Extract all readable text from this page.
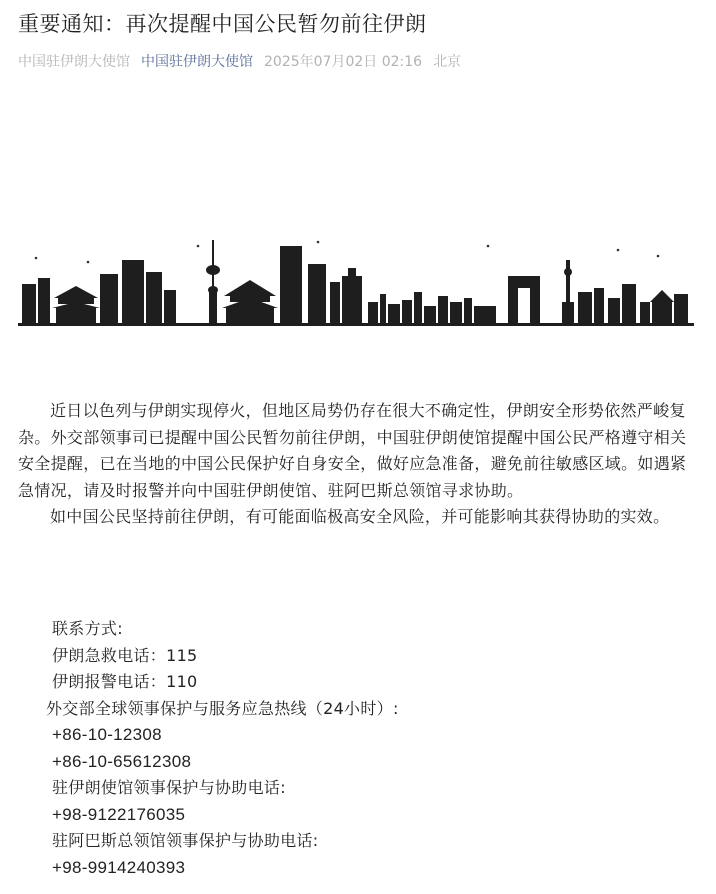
重要通知：再次提醒中国公民暂勿前往伊朗
中国驻伊朗大使馆 中国驻伊朗大使馆 2025年07月02日 02:16 北京

近日以色列与伊朗实现停火，但地区局势仍存在很大不确定性，伊朗安全形势依然严峻复杂。外交部领事司已提醒中国公民暂勿前往伊朗，中国驻伊朗使馆提醒中国公民严格遵守相关安全提醒，已在当地的中国公民保护好自身安全，做好应急准备，避免前往敏感区域。如遇紧急情况，请及时报警并向中国驻伊朗使馆、驻阿巴斯总领馆寻求协助。

如中国公民坚持前往伊朗，有可能面临极高安全风险，并可能影响其获得协助的实效。

联系方式:
伊朗急救电话：115
伊朗报警电话：110
外交部全球领事保护与服务应急热线（24小时）:
+86-10-12308
+86-10-65612308
驻伊朗使馆领事保护与协助电话:
+98-9122176035
驻阿巴斯总领馆领事保护与协助电话:
+98-9914240393
